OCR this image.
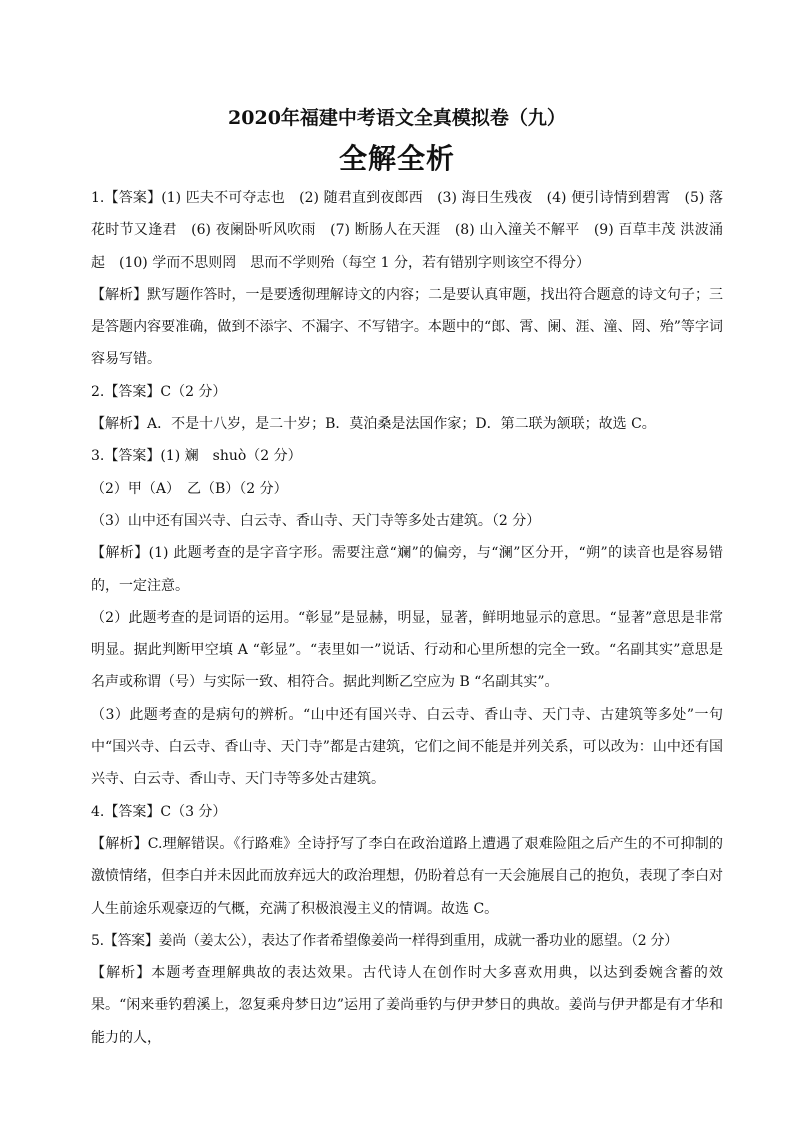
2020年福建中考语文全真模拟卷（九）
全解全析

1.【答案】(1) 匹夫不可夺志也　(2) 随君直到夜郎西　(3) 海日生残夜　(4) 便引诗情到碧霄　(5) 落花时节又逢君　(6) 夜阑卧听风吹雨　(7) 断肠人在天涯　(8) 山入潼关不解平　(9) 百草丰茂 洪波涌起　(10) 学而不思则罔　思而不学则殆（每空 1 分，若有错别字则该空不得分）

【解析】默写题作答时，一是要透彻理解诗文的内容；二是要认真审题，找出符合题意的诗文句子；三是答题内容要准确，做到不添字、不漏字、不写错字。本题中的“郎、霄、阑、涯、潼、罔、殆”等字词容易写错。

2.【答案】C（2 分）

【解析】A．不是十八岁，是二十岁；B．莫泊桑是法国作家；D．第二联为颔联；故选 C。

3.【答案】(1) 斓　shuò（2 分）

（2）甲（A）　乙（B）（2 分）

（3）山中还有国兴寺、白云寺、香山寺、天门寺等多处古建筑。（2 分）

【解析】(1) 此题考查的是字音字形。需要注意“斓”的偏旁，与“澜”区分开，“朔”的读音也是容易错的，一定注意。

（2）此题考查的是词语的运用。“彰显”是显赫，明显，显著，鲜明地显示的意思。“显著”意思是非常明显。据此判断甲空填 A “彰显”。“表里如一”说话、行动和心里所想的完全一致。“名副其实”意思是名声或称谓（号）与实际一致、相符合。据此判断乙空应为 B “名副其实”。

（3）此题考查的是病句的辨析。“山中还有国兴寺、白云寺、香山寺、天门寺、古建筑等多处”一句中“国兴寺、白云寺、香山寺、天门寺”都是古建筑，它们之间不能是并列关系，可以改为：山中还有国兴寺、白云寺、香山寺、天门寺等多处古建筑。

4.【答案】C（3 分）

【解析】C.理解错误。《行路难》全诗抒写了李白在政治道路上遭遇了艰难险阻之后产生的不可抑制的激愤情绪，但李白并未因此而放弃远大的政治理想，仍盼着总有一天会施展自己的抱负，表现了李白对人生前途乐观豪迈的气概，充满了积极浪漫主义的情调。故选 C。

5.【答案】姜尚（姜太公），表达了作者希望像姜尚一样得到重用，成就一番功业的愿望。（2 分）

【解析】本题考查理解典故的表达效果。古代诗人在创作时大多喜欢用典，以达到委婉含蓄的效果。“闲来垂钓碧溪上，忽复乘舟梦日边”运用了姜尚垂钓与伊尹梦日的典故。姜尚与伊尹都是有才华和能力的人，
